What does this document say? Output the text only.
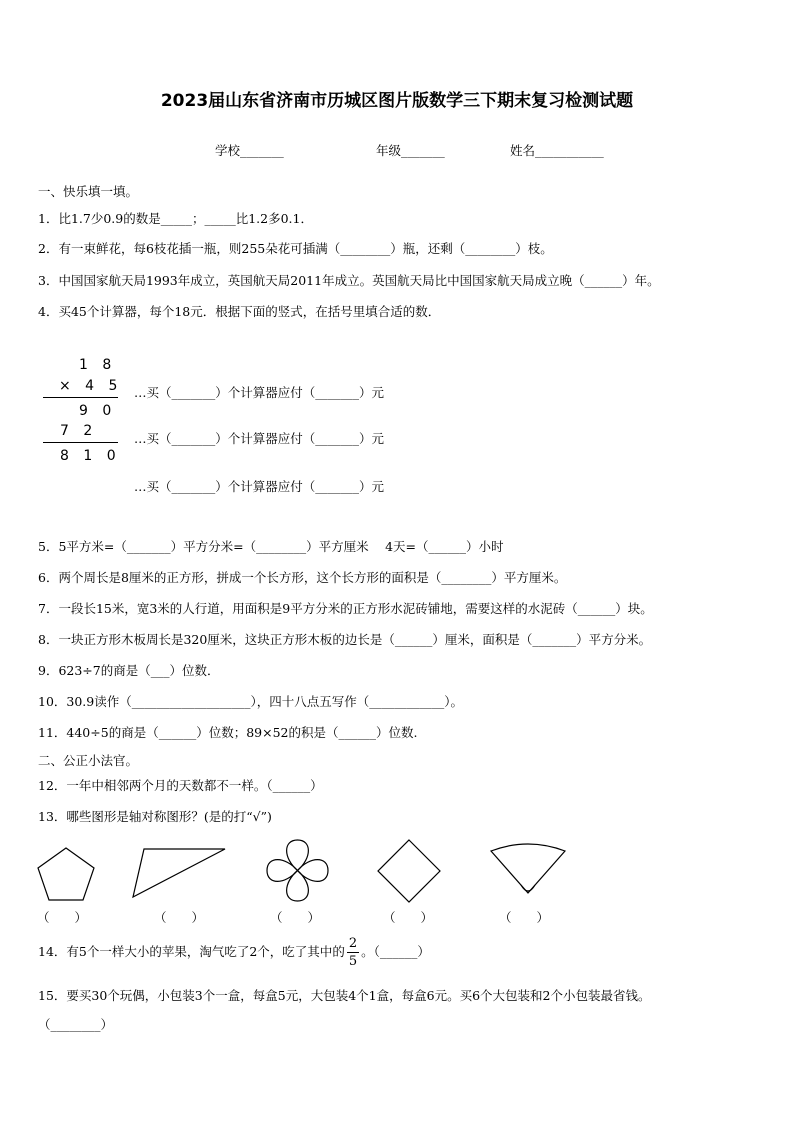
2023届山东省济南市历城区图片版数学三下期末复习检测试题
学校_______	年级_______	姓名___________
一、快乐填一填。
1．比1.7少0.9的数是_____；_____比1.2多0.1．
2．有一束鲜花，每6枝花插一瓶，则255朵花可插满（________）瓶，还剩（________）枝。
3．中国国家航天局1993年成立，英国航天局2011年成立。英国航天局比中国国家航天局成立晚（______）年。
4．买45个计算器，每个18元．根据下面的竖式，在括号里填合适的数．
1 8
× 4 5
9 0
7 2
8 1 0
…买（_______）个计算器应付（_______）元
…买（_______）个计算器应付（_______）元
…买（_______）个计算器应付（_______）元
5．5平方米=（_______）平方分米=（________）平方厘米　 4天=（______）小时
6．两个周长是8厘米的正方形，拼成一个长方形，这个长方形的面积是（________）平方厘米。
7．一段长15米，宽3米的人行道，用面积是9平方分米的正方形水泥砖铺地，需要这样的水泥砖（______）块。
8．一块正方形木板周长是320厘米，这块正方形木板的边长是（______）厘米，面积是（_______）平方分米。
9．623÷7的商是（___）位数．
10．30.9读作（___________________），四十八点五写作（____________）。
11．440÷5的商是（______）位数；89×52的积是（______）位数.
二、公正小法官。
12．一年中相邻两个月的天数都不一样。（______）
13．哪些图形是轴对称图形？(是的打“√”)
（　　）	（　　）	（　　）	（　　）	（　　）
14．有5个一样大小的苹果，淘气吃了2个，吃了其中的 $\frac{2}{5}$ 。（______）
15．要买30个玩偶，小包装3个一盒，每盒5元，大包装4个1盒，每盒6元。买6个大包装和2个小包装最省钱。
（________）
